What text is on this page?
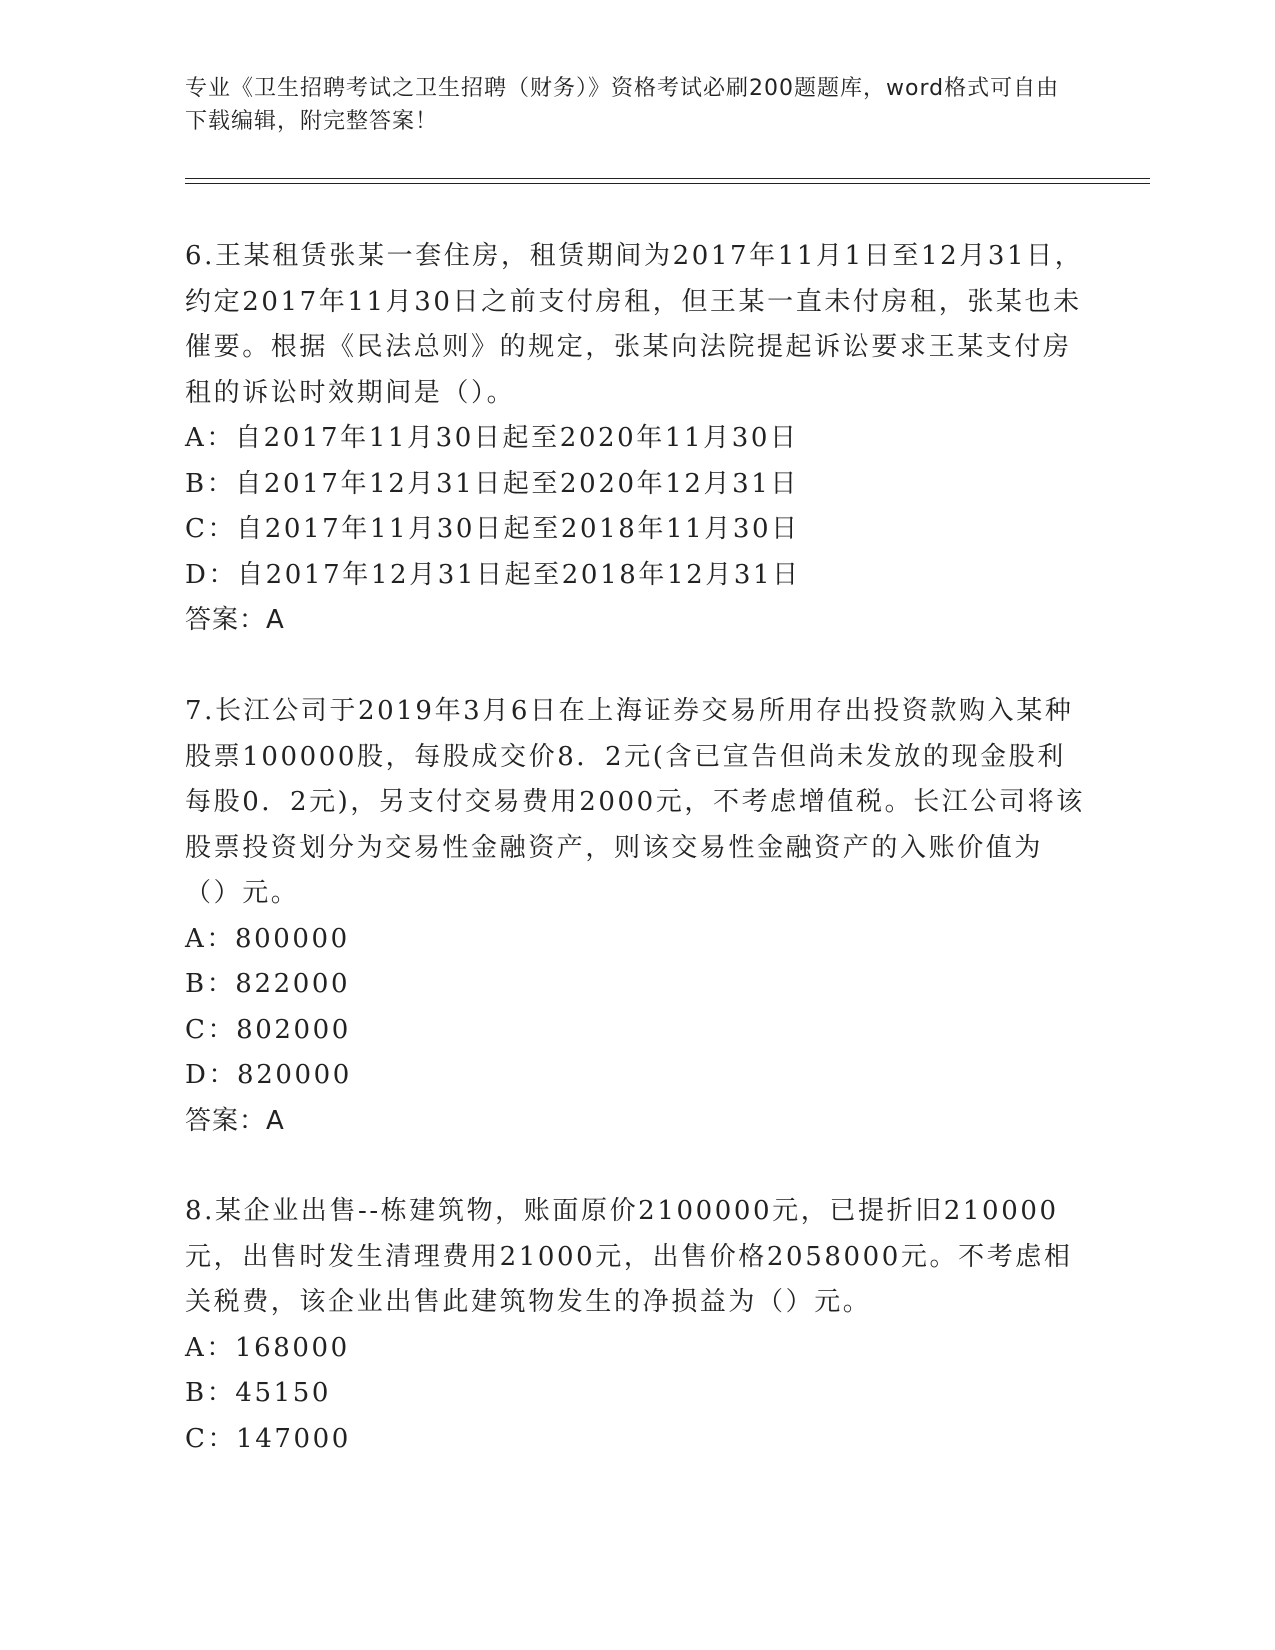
专业《卫生招聘考试之卫生招聘（财务）》资格考试必刷200题题库，word格式可自由下载编辑，附完整答案！

6.王某租赁张某一套住房，租赁期间为2017年11月1日至12月31日，约定2017年11月30日之前支付房租，但王某一直未付房租，张某也未催要。根据《民法总则》的规定，张某向法院提起诉讼要求王某支付房租的诉讼时效期间是（）。

A：自2017年11月30日起至2020年11月30日

B：自2017年12月31日起至2020年12月31日

C：自2017年11月30日起至2018年11月30日

D：自2017年12月31日起至2018年12月31日

答案：A

7.长江公司于2019年3月6日在上海证券交易所用存出投资款购入某种股票100000股，每股成交价8．2元(含已宣告但尚未发放的现金股利每股0．2元)，另支付交易费用2000元，不考虑增值税。长江公司将该股票投资划分为交易性金融资产，则该交易性金融资产的入账价值为（）元。

A：800000

B：822000

C：802000

D：820000

答案：A

8.某企业出售--栋建筑物，账面原价2100000元，已提折旧210000元，出售时发生清理费用21000元，出售价格2058000元。不考虑相关税费，该企业出售此建筑物发生的净损益为（）元。

A：168000

B：45150

C：147000
